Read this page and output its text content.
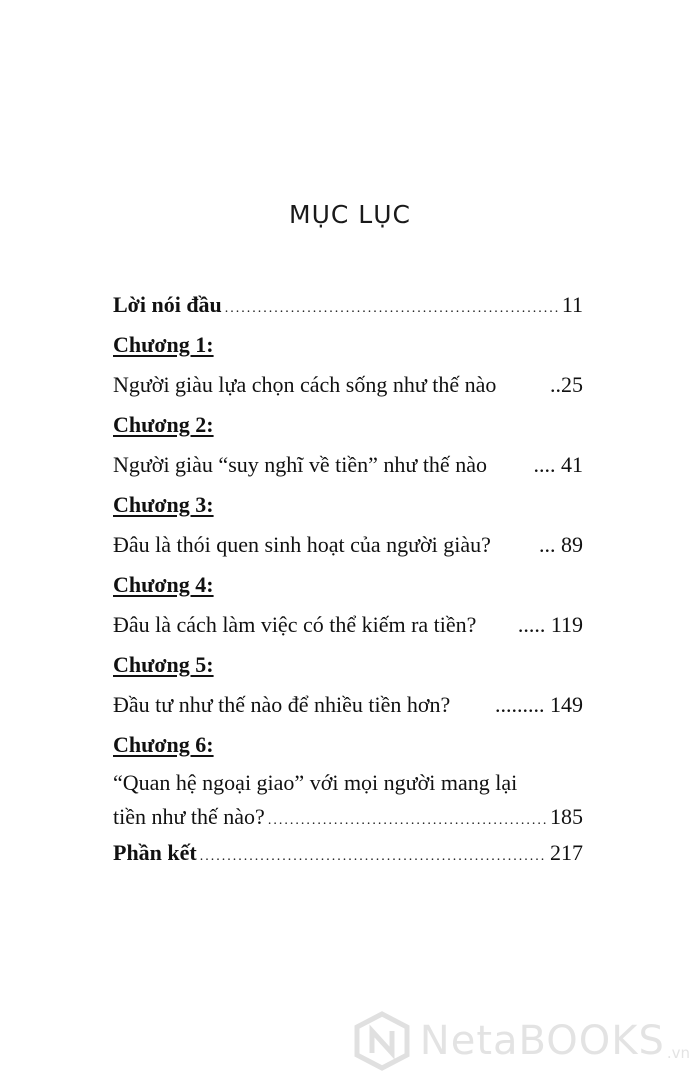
MỤC LỤC
Lời nói đầu .....	11
Chương 1:
Người giàu lựa chọn cách sống như thế nào ..25
Chương 2:
Người giàu “suy nghĩ về tiền” như thế nào .... 41
Chương 3:
Đâu là thói quen sinh hoạt của người giàu? ... 89
Chương 4:
Đâu là cách làm việc có thể kiếm ra tiền? ..... 119
Chương 5:
Đầu tư như thế nào để nhiều tiền hơn? ......... 149
Chương 6:
“Quan hệ ngoại giao” với mọi người mang lại
tiền như thế nào? .....	185
Phần kết .....	217
NetaBOOKS .vn
